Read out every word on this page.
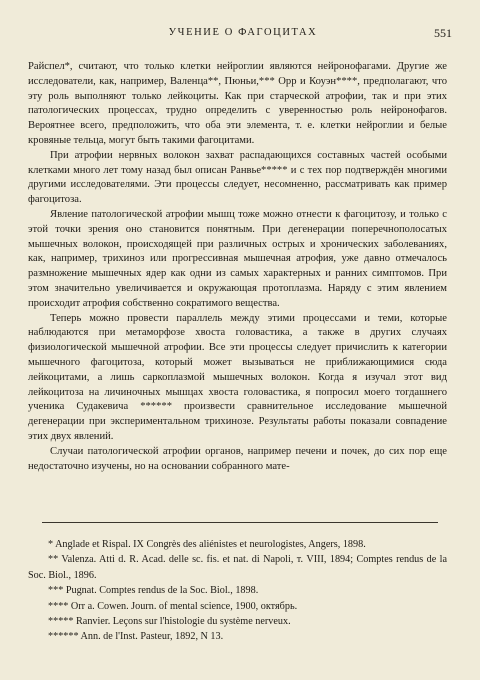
УЧЕНИЕ О ФАГОЦИТАХ	551

Райспел*, считают, что только клетки нейроглии являются нейронофагами. Другие же исследователи, как, например, Валенца**, Пюньи,*** Орр и Коуэн****, предполагают, что эту роль выполняют только лейкоциты. Как при старческой атрофии, так и при этих патологических процессах, трудно определить с уверенностью роль нейронофагов. Вероятнее всего, предположить, что оба эти элемента, т. е. клетки нейроглии и белые кровяные тельца, могут быть такими фагоцитами.

При атрофии нервных волокон захват распадающихся составных частей особыми клетками много лет тому назад был описан Ранвье***** и с тех пор подтверждён многими другими исследователями. Эти процессы следует, несомненно, рассматривать как пример фагоцитоза.

Явление патологической атрофии мышц тоже можно отнести к фагоцитозу, и только с этой точки зрения оно становится понятным. При дегенерации поперечнополосатых мышечных волокон, происходящей при различных острых и хронических заболеваниях, как, например, трихиноз или прогрессивная мышечная атрофия, уже давно отмечалось размножение мышечных ядер как одни из самых характерных и ранних симптомов. При этом значительно увеличивается и окружающая протоплазма. Наряду с этим явлением происходит атрофия собственно сократимого вещества.

Теперь можно провести параллель между этими процессами и теми, которые наблюдаются при метаморфозе хвоста головастика, а также в других случаях физиологической мышечной атрофии. Все эти процессы следует причислить к категории мышечного фагоцитоза, который может вызываться не приближающимися сюда лейкоцитами, а лишь саркоплазмой мышечных волокон. Когда я изучал этот вид лейкоцитоза на личиночных мышцах хвоста головастика, я попросил моего тогдашнего ученика Судакевича ****** произвести сравнительное исследование мышечной дегенерации при экспериментальном трихинозе. Результаты работы показали совпадение этих двух явлений.

Случаи патологической атрофии органов, например печени и почек, до сих пор еще недостаточно изучены, но на основании собранного мате-

* Anglade et Rispal. IX Congrès des aliénistes et neurologistes, Angers, 1898.

** Valenza. Atti d. R. Acad. delle sc. fis. et nat. di Napoli, т. VIII, 1894; Comptes rendus de la Soc. Biol., 1896.

*** Pugnat. Comptes rendus de la Soc. Biol., 1898.

**** Orr a. Cowen. Journ. of mental science, 1900, октябрь.

***** Ranvier. Leçons sur l'histologie du système nerveux.

****** Ann. de l'Inst. Pasteur, 1892, N 13.
